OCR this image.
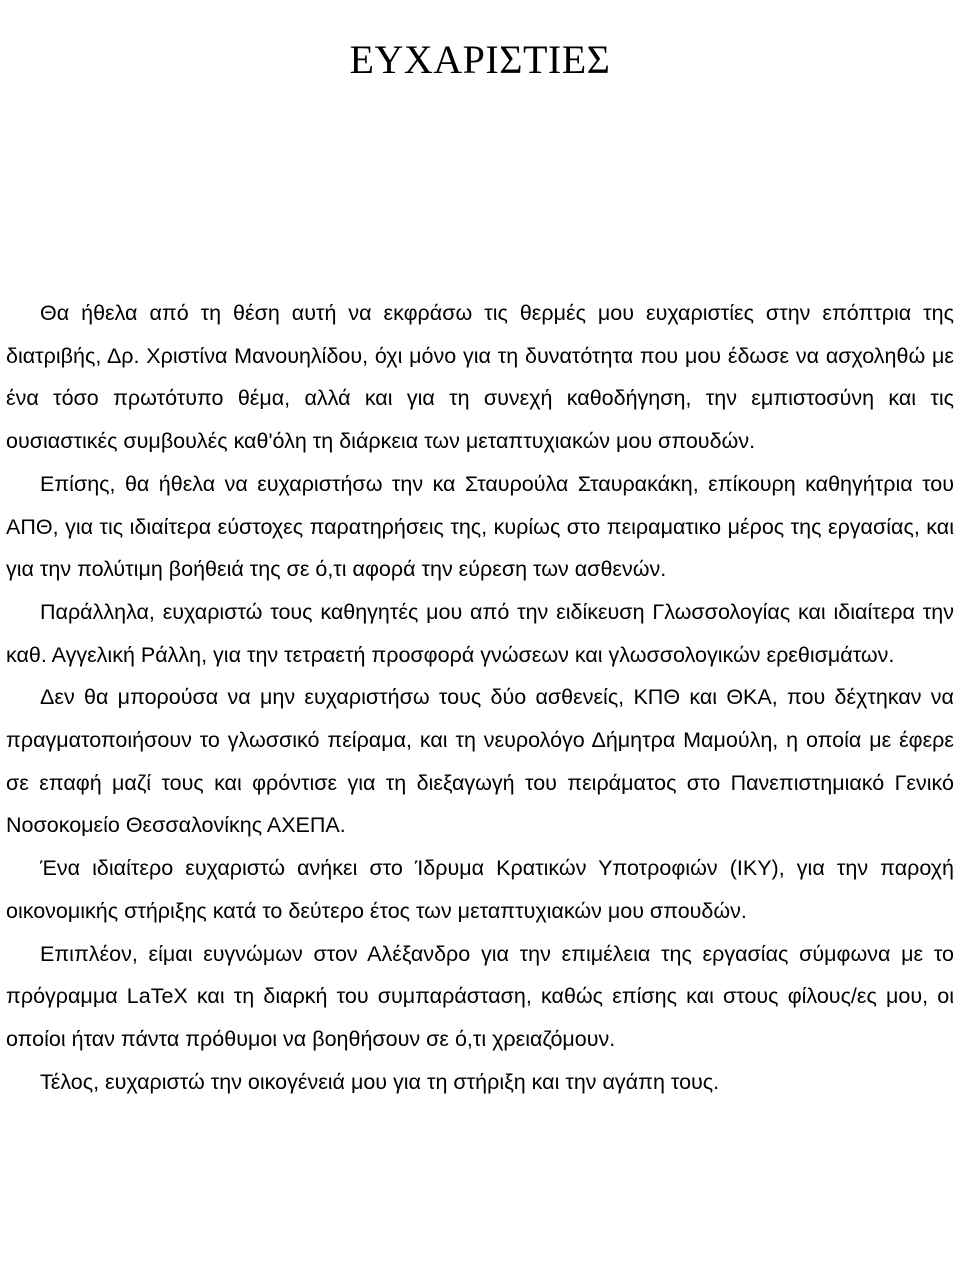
ΕΥΧΑΡΙΣΤΙΕΣ

Θα ήθελα από τη θέση αυτή να εκφράσω τις θερμές μου ευχαριστίες στην επόπτρια της διατριβής, Δρ. Χριστίνα Μανουηλίδου, όχι μόνο για τη δυνατότητα που μου έδωσε να ασχοληθώ με ένα τόσο πρωτότυπο θέμα, αλλά και για τη συνεχή καθοδήγηση, την εμπιστοσύνη και τις ουσιαστικές συμβουλές καθ'όλη τη διάρκεια των μεταπτυχιακών μου σπουδών.

Επίσης, θα ήθελα να ευχαριστήσω την κα Σταυρούλα Σταυρακάκη, επίκουρη καθηγήτρια του ΑΠΘ, για τις ιδιαίτερα εύστοχες παρατηρήσεις της, κυρίως στο πειραματικο μέρος της εργασίας, και για την πολύτιμη βοήθειά της σε ό,τι αφορά την εύρεση των ασθενών.

Παράλληλα, ευχαριστώ τους καθηγητές μου από την ειδίκευση Γλωσσολογίας και ιδιαίτερα την καθ. Αγγελική Ράλλη, για την τετραετή προσφορά γνώσεων και γλωσσολογικών ερεθισμάτων.

Δεν θα μπορούσα να μην ευχαριστήσω τους δύο ασθενείς, ΚΠΘ και ΘΚΑ, που δέχτηκαν να πραγματοποιήσουν το γλωσσικό πείραμα, και τη νευρολόγο Δήμητρα Μαμούλη, η οποία με έφερε σε επαφή μαζί τους και φρόντισε για τη διεξαγωγή του πειράματος στο Πανεπιστημιακό Γενικό Νοσοκομείο Θεσσαλονίκης ΑΧΕΠΑ.

Ένα ιδιαίτερο ευχαριστώ ανήκει στο Ίδρυμα Κρατικών Υποτροφιών (ΙΚΥ), για την παροχή οικονομικής στήριξης κατά το δεύτερο έτος των μεταπτυχιακών μου σπουδών.

Επιπλέον, είμαι ευγνώμων στον Αλέξανδρο για την επιμέλεια της εργασίας σύμφωνα με το πρόγραμμα LaTeX και τη διαρκή του συμπαράσταση, καθώς επίσης και στους φίλους/ες μου, οι οποίοι ήταν πάντα πρόθυμοι να βοηθήσουν σε ό,τι χρειαζόμουν.

Τέλος, ευχαριστώ την οικογένειά μου για τη στήριξη και την αγάπη τους.
